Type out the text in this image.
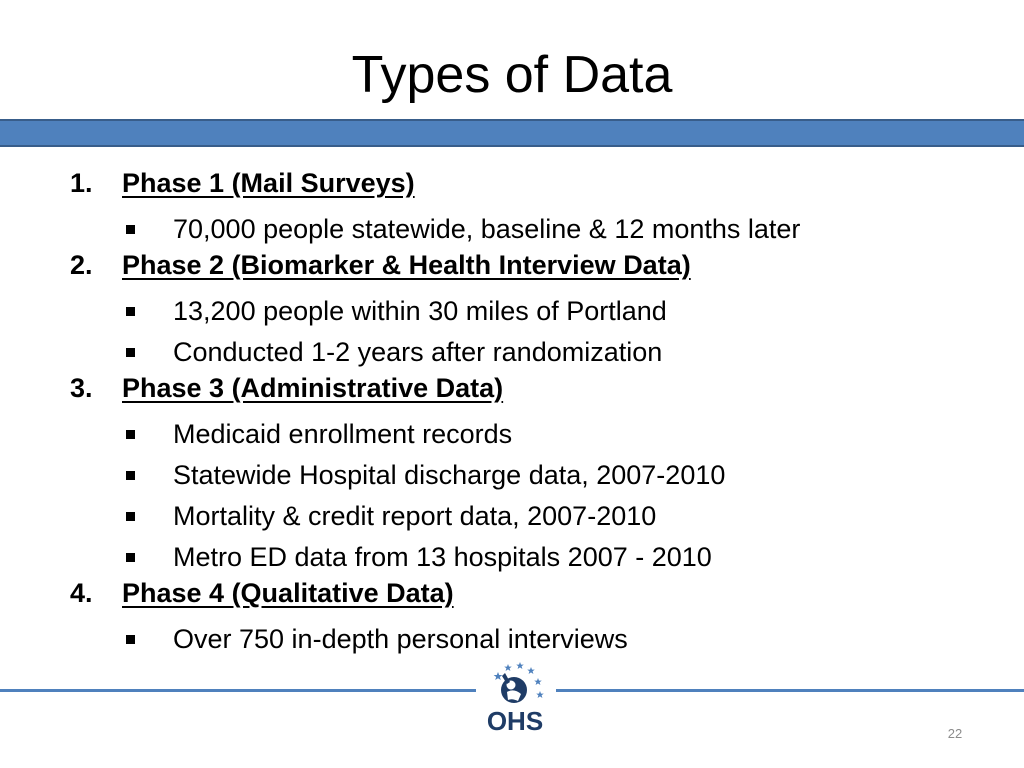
Types of Data
1.	Phase 1 (Mail Surveys)
70,000 people statewide, baseline & 12 months later
2.	Phase 2 (Biomarker & Health Interview Data)
13,200 people within 30 miles of Portland
Conducted 1-2 years after randomization
3.	Phase 3 (Administrative Data)
Medicaid enrollment records
Statewide Hospital discharge data, 2007-2010
Mortality & credit report data, 2007-2010
Metro ED data from 13 hospitals 2007 - 2010
4.	Phase 4 (Qualitative Data)
Over 750 in-depth personal interviews
OHS	22
